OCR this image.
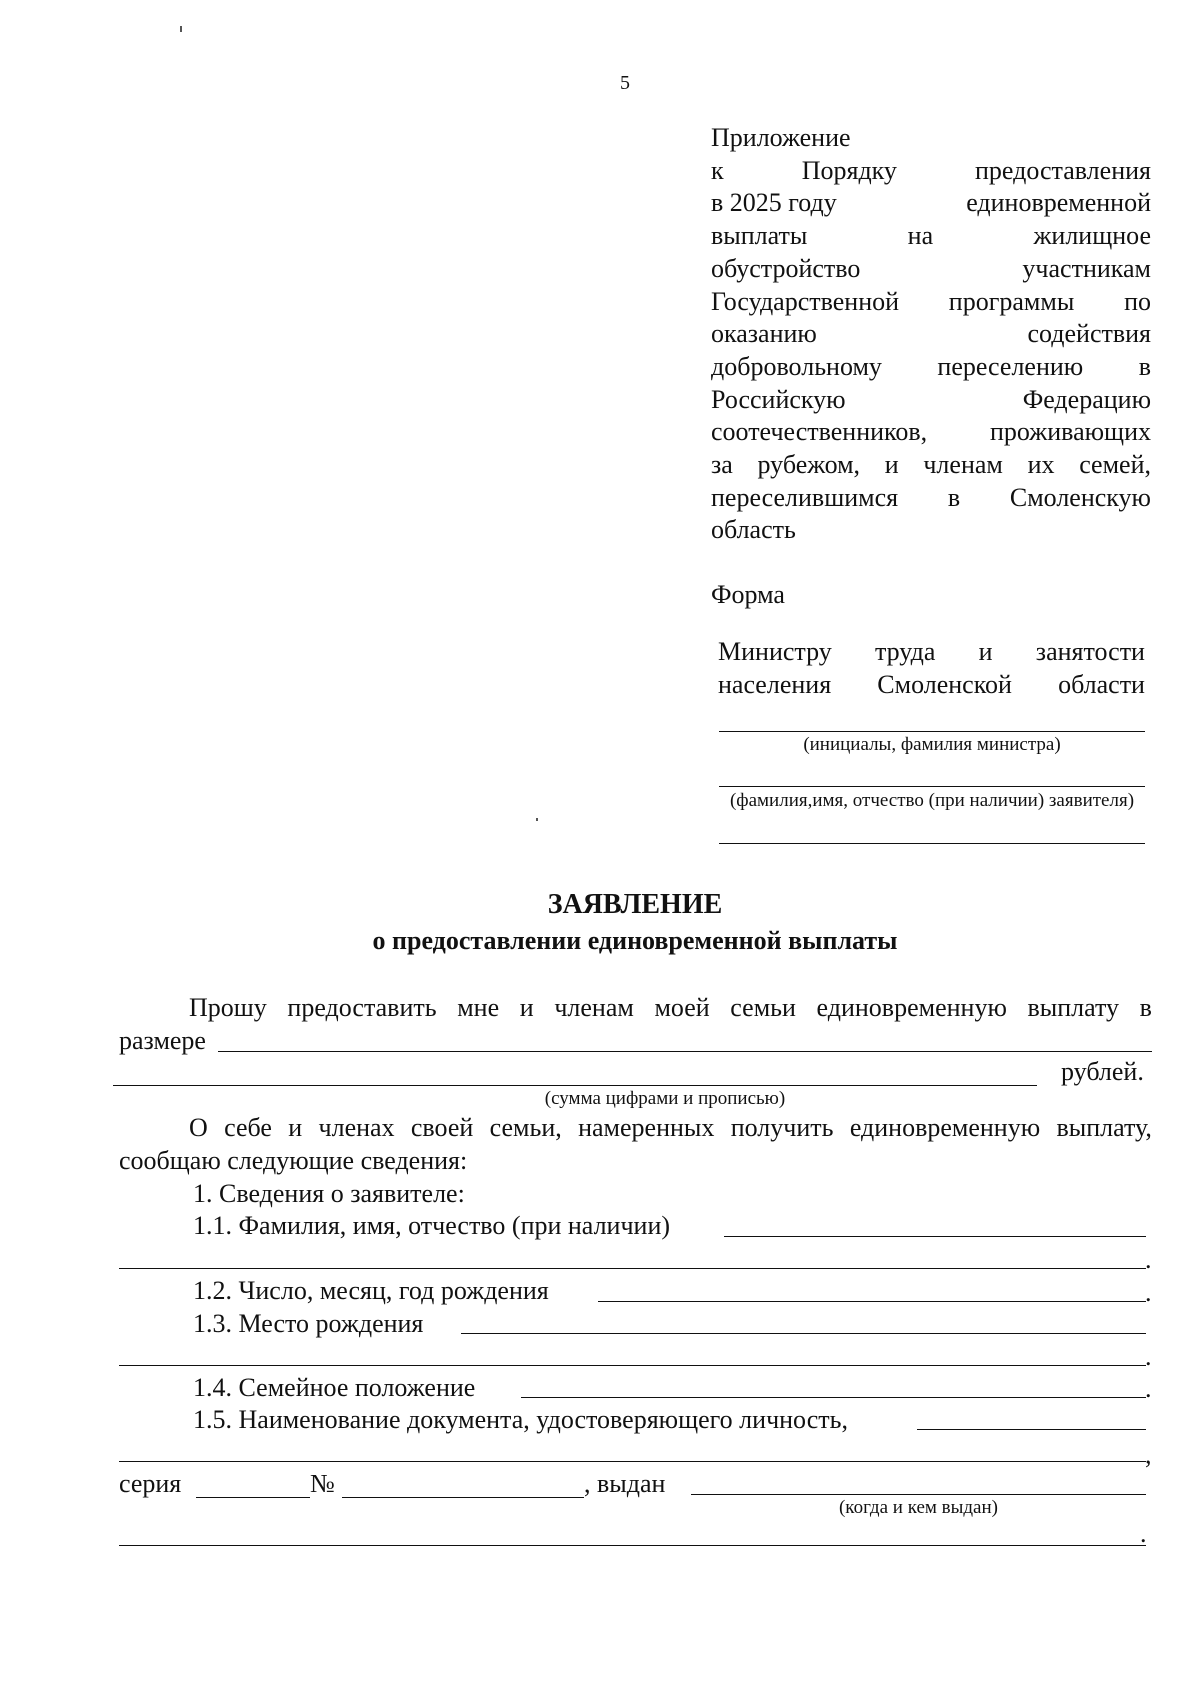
5
Приложение
к	Порядку	предоставления
в 2025 году	единовременной
выплаты	на	жилищное
обустройство	участникам
Государственной программы по
оказанию	содействия
добровольному переселению в
Российскую	Федерацию
соотечественников, проживающих
за рубежом, и членам их семей,
переселившимся в Смоленскую
область
Форма
Министру труда и занятости
населения Смоленской области
(инициалы, фамилия министра)
(фамилия,имя, отчество (при наличии) заявителя)
ЗАЯВЛЕНИЕ
о предоставлении единовременной выплаты
Прошу предоставить мне и членам моей семьи единовременную выплату в
размере
рублей.
(сумма цифрами и прописью)
О себе и членах своей семьи, намеренных получить единовременную выплату,
сообщаю следующие сведения:
1. Сведения о заявителе:
1.1. Фамилия, имя, отчество (при наличии)
.
1.2. Число, месяц, год рождения	.
1.3. Место рождения
.
1.4. Семейное положение	.
1.5. Наименование документа, удостоверяющего личность,
,
серия	№	, выдан
(когда и кем выдан)
.
